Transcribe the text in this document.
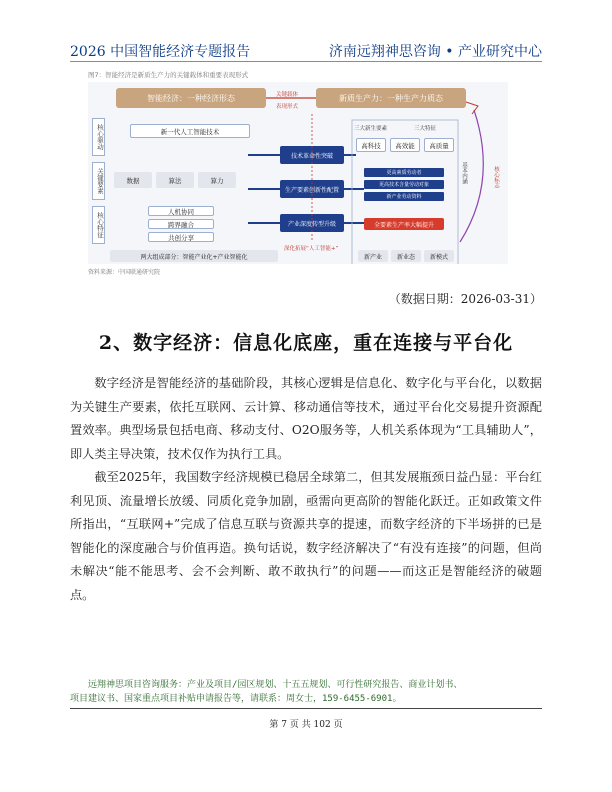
2026 中国智能经济专题报告	济南远翔神思咨询 • 产业研究中心
图7：智能经济是新质生产力的关键载体和重要表现形式
智能经济：一种经济形态	关键载体
表现形式
新质生产力：一种生产力质态
核心驱动
关键要素
核心特征
新一代人工智能技术
数据	算法	算力
人机协同
跨界融合
共创分享
两大组成部分：智能产业化+产业智能化
技术革命性突破
生产要素创新性配置
产业深度转型升级
深化拓展“人工智能+”
三大新生要素	三大特征
高科技	高效能	高质量
更高素质劳动者
更高技术含量劳动对象
新产业劳动资料
全要素生产率大幅提升
新产业	新业态	新模式
基本内涵	核心标志
资料来源：中国联通研究院
（数据日期：2026-03-31）
2、数字经济：信息化底座，重在连接与平台化
数字经济是智能经济的基础阶段，其核心逻辑是信息化、数字化与平台化，以数据为关键生产要素，依托互联网、云计算、移动通信等技术，通过平台化交易提升资源配置效率。典型场景包括电商、移动支付、O2O服务等，人机关系体现为“工具辅助人”，即人类主导决策，技术仅作为执行工具。
截至2025年，我国数字经济规模已稳居全球第二，但其发展瓶颈日益凸显：平台红利见顶、流量增长放缓、同质化竞争加剧，亟需向更高阶的智能化跃迁。正如政策文件所指出，“互联网+”完成了信息互联与资源共享的提速，而数字经济的下半场拼的已是智能化的深度融合与价值再造。换句话说，数字经济解决了“有没有连接”的问题，但尚未解决“能不能思考、会不会判断、敢不敢执行”的问题——而这正是智能经济的破题点。
远翔神思项目咨询服务：产业及项目/园区规划、十五五规划、可行性研究报告、商业计划书、
项目建议书、国家重点项目补贴申请报告等，请联系：周女士，159-6455-6901。
第 7 页 共 102 页
